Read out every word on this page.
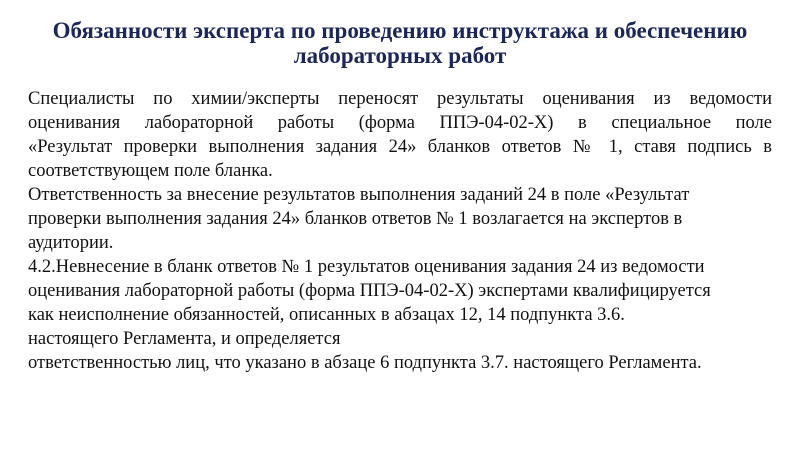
Обязанности эксперта по проведению инструктажа и обеспечению
лабораторных работ
Специалисты по химии/эксперты переносят результаты оценивания из ведомости
оценивания лабораторной работы (форма ППЭ-04-02-Х) в специальное поле
«Результат проверки выполнения задания 24» бланков ответов № 1, ставя подпись в
соответствующем поле бланка.
Ответственность за внесение результатов выполнения заданий 24 в поле «Результат
проверки выполнения задания 24» бланков ответов № 1 возлагается на экспертов в
аудитории.
4.2.Невнесение в бланк ответов № 1 результатов оценивания задания 24 из ведомости
оценивания лабораторной работы (форма ППЭ-04-02-Х) экспертами квалифицируется
как неисполнение обязанностей, описанных в абзацах 12, 14 подпункта 3.6.
настоящего Регламента, и определяется
ответственностью лиц, что указано в абзаце 6 подпункта 3.7. настоящего Регламента.
